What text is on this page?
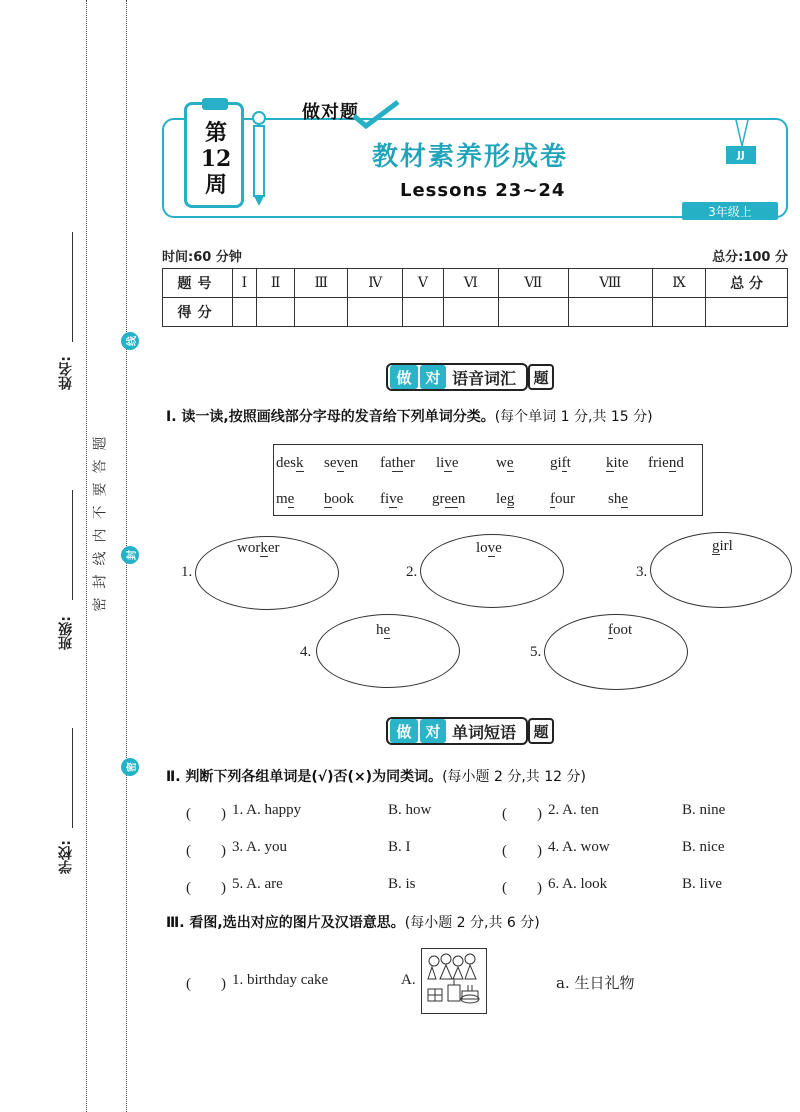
姓名:
班级:
学校:
题
答
要
不
内
线
封
密
线
封
密
第
12
周
做对题
教材素养形成卷
Lessons 23~24
JJ
3年级上
时间:60 分钟	总分:100 分
题号	Ⅰ	Ⅱ	Ⅲ	Ⅳ	Ⅴ	Ⅵ	Ⅶ	Ⅷ	Ⅸ	总 分
得分										
做 对 语音词汇	题
Ⅰ. 读一读,按照画线部分字母的发音给下列单词分类。(每个单词 1 分,共 15 分)
desk seven father live we gift kite friend
me book five green leg four she
1.
worker
2.
love
3.
girl
4.
he
5.
foot
做 对 单词短语	题
Ⅱ. 判断下列各组单词是(√)否(×)为同类词。(每小题 2 分,共 12 分)
(　　) 1. A. happy	B. how	(　　) 2. A. ten	B. nine
(　　) 3. A. you	B. I	(　　) 4. A. wow	B. nice
(　　) 5. A. are	B. is	(　　) 6. A. look	B. live
Ⅲ. 看图,选出对应的图片及汉语意思。(每小题 2 分,共 6 分)
(　　) 1. birthday cake	A.	a. 生日礼物
